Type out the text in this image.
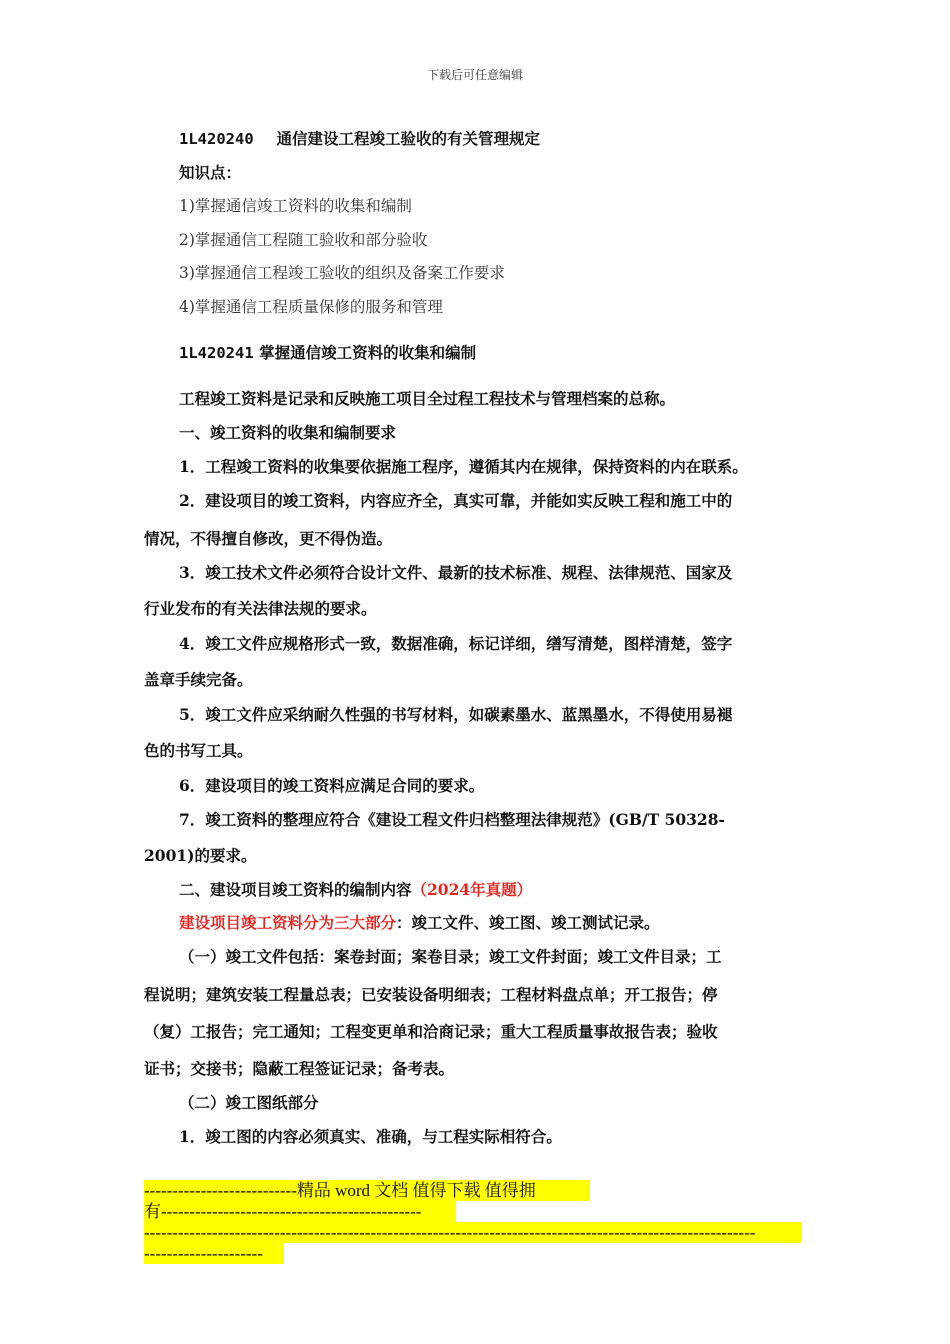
下载后可任意编辑
1L420240 通信建设工程竣工验收的有关管理规定
知识点：
1)掌握通信竣工资料的收集和编制
2)掌握通信工程随工验收和部分验收
3)掌握通信工程竣工验收的组织及备案工作要求
4)掌握通信工程质量保修的服务和管理
1L420241 掌握通信竣工资料的收集和编制
工程竣工资料是记录和反映施工项目全过程工程技术与管理档案的总称。
一、竣工资料的收集和编制要求
1．工程竣工资料的收集要依据施工程序，遵循其内在规律，保持资料的内在联系。
2．建设项目的竣工资料，内容应齐全，真实可靠，并能如实反映工程和施工中的
情况，不得擅自修改，更不得伪造。
3．竣工技术文件必须符合设计文件、最新的技术标准、规程、法律规范、国家及
行业发布的有关法律法规的要求。
4．竣工文件应规格形式一致，数据准确，标记详细，缮写清楚，图样清楚，签字
盖章手续完备。
5．竣工文件应采纳耐久性强的书写材料，如碳素墨水、蓝黑墨水，不得使用易褪
色的书写工具。
6．建设项目的竣工资料应满足合同的要求。
7．竣工资料的整理应符合《建设工程文件归档整理法律规范》(GB/T 50328-
2001)的要求。
二、建设项目竣工资料的编制内容（2024年真题）
建设项目竣工资料分为三大部分：竣工文件、竣工图、竣工测试记录。
（一）竣工文件包括：案卷封面；案卷目录；竣工文件封面；竣工文件目录；工
程说明；建筑安装工程量总表；已安装设备明细表；工程材料盘点单；开工报告；停
（复）工报告；完工通知；工程变更单和洽商记录；重大工程质量事故报告表；验收
证书；交接书；隐蔽工程签证记录；备考表。
（二）竣工图纸部分
1．竣工图的内容必须真实、准确，与工程实际相符合。
---------------------------精品 word 文档 值得下载 值得拥
有----------------------------------------------
------------------------------------------------------------------------------------------------------------
---------------------
